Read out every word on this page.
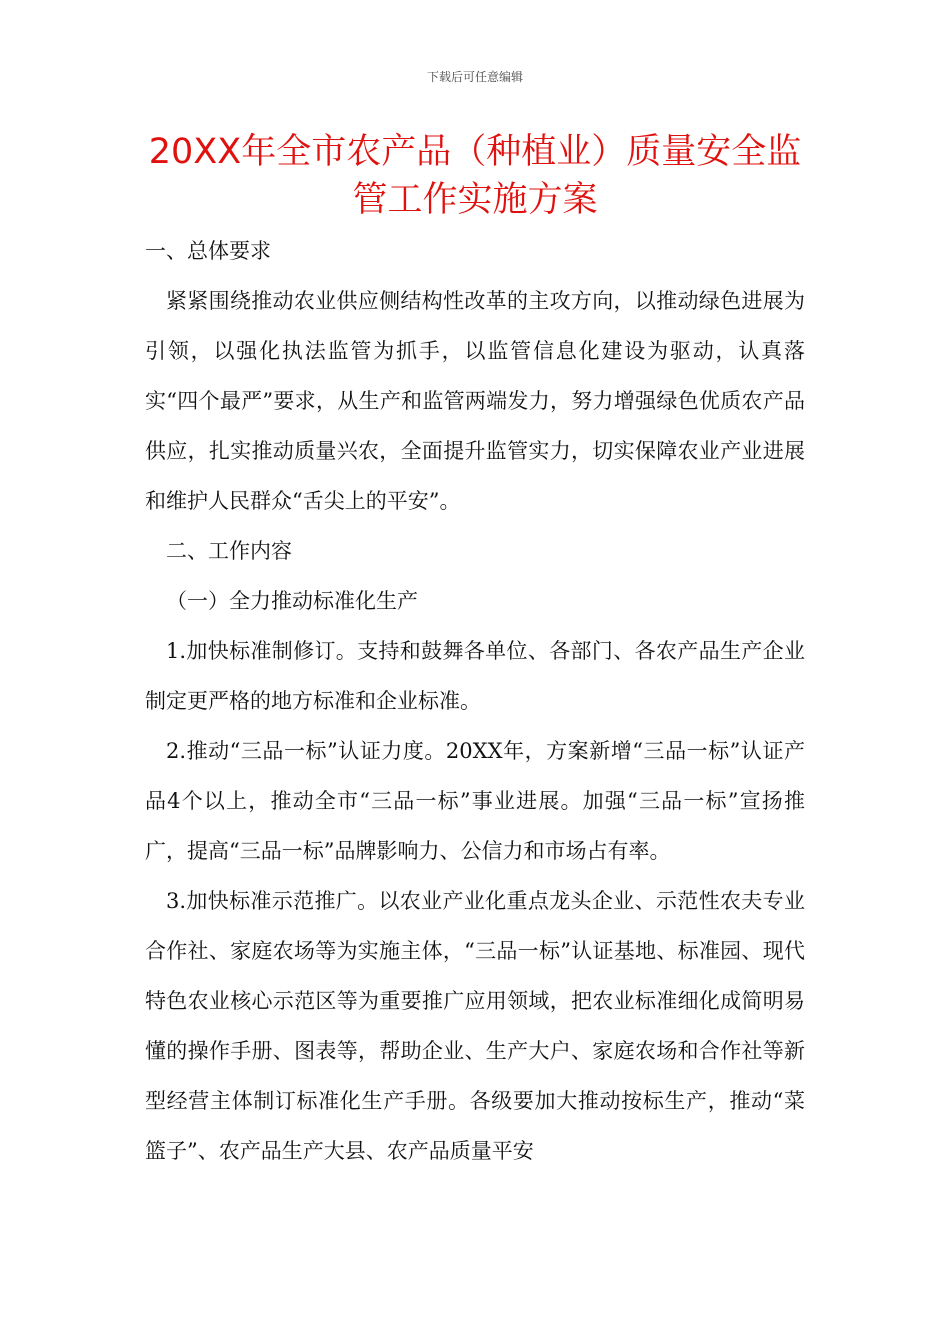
下载后可任意编辑
20XX年全市农产品（种植业）质量安全监管工作实施方案

一、总体要求

紧紧围绕推动农业供应侧结构性改革的主攻方向，以推动绿色进展为引领，以强化执法监管为抓手，以监管信息化建设为驱动，认真落实“四个最严”要求，从生产和监管两端发力，努力增强绿色优质农产品供应，扎实推动质量兴农，全面提升监管实力，切实保障农业产业进展和维护人民群众“舌尖上的平安”。

二、工作内容

（一）全力推动标准化生产

1.加快标准制修订。支持和鼓舞各单位、各部门、各农产品生产企业制定更严格的地方标准和企业标准。

2.推动“三品一标”认证力度。20XX年，方案新增“三品一标”认证产品4个以上，推动全市“三品一标”事业进展。加强“三品一标”宣扬推广，提高“三品一标”品牌影响力、公信力和市场占有率。

3.加快标准示范推广。以农业产业化重点龙头企业、示范性农夫专业合作社、家庭农场等为实施主体，“三品一标”认证基地、标准园、现代特色农业核心示范区等为重要推广应用领域，把农业标准细化成简明易懂的操作手册、图表等，帮助企业、生产大户、家庭农场和合作社等新型经营主体制订标准化生产手册。各级要加大推动按标生产，推动“菜篮子”、农产品生产大县、农产品质量平安
